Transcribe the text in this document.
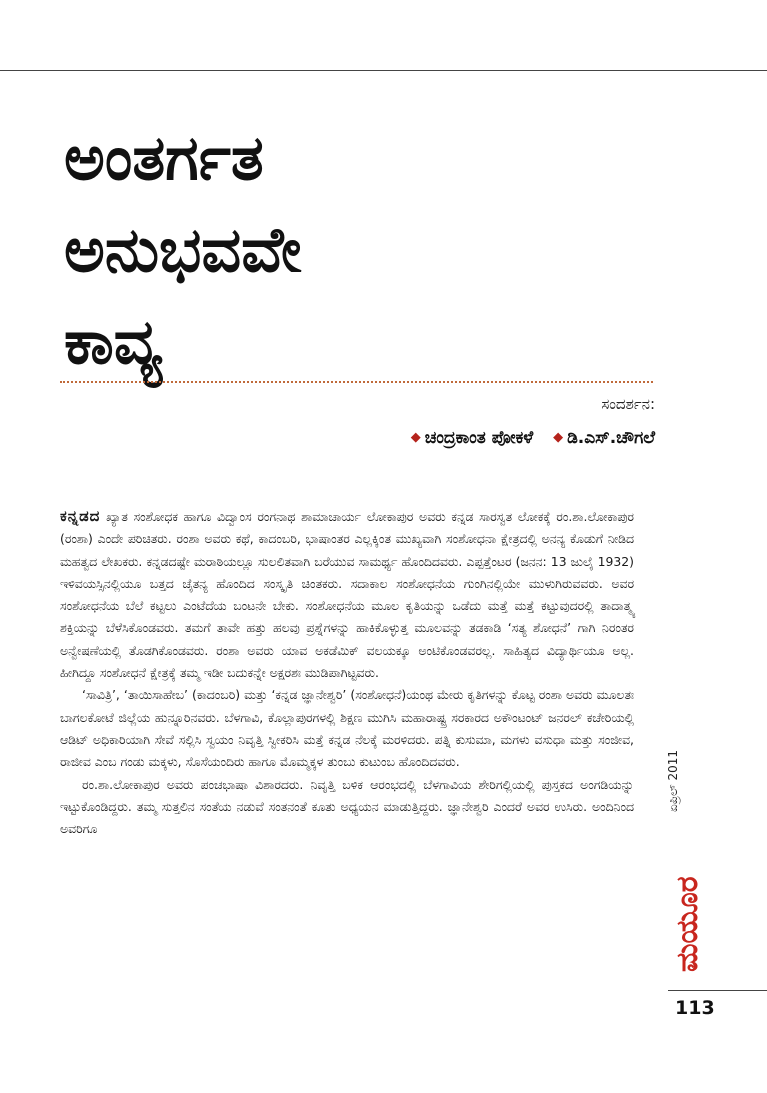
ಅಂತರ್ಗತ
ಅನುಭವವೇ
ಕಾವ್ಯ
ಸಂದರ್ಶನ:
◆ ಚಂದ್ರಕಾಂತ ಪೋಕಳೆ ◆ ಡಿ.ಎಸ್.ಚೌಗಲೆ

ಕನ್ನಡದ ಖ್ಯಾತ ಸಂಶೋಧಕ ಹಾಗೂ ವಿದ್ವಾಂಸ ರಂಗನಾಥ ಶಾಮಾಚಾರ್ಯ ಲೋಕಾಪುರ ಅವರು ಕನ್ನಡ ಸಾರಸ್ವತ ಲೋಕಕ್ಕೆ ರಂ.ಶಾ.ಲೋಕಾಪುರ (ರಂಶಾ) ಎಂದೇ ಪರಿಚಿತರು. ರಂಶಾ ಅವರು ಕಥೆ, ಕಾದಂಬರಿ, ಭಾಷಾಂತರ ಎಲ್ಲಕ್ಕಿಂತ ಮುಖ್ಯವಾಗಿ ಸಂಶೋಧನಾ ಕ್ಷೇತ್ರದಲ್ಲಿ ಅನನ್ಯ ಕೊಡುಗೆ ನೀಡಿದ ಮಹತ್ವದ ಲೇಖಕರು. ಕನ್ನಡದಷ್ಟೇ ಮರಾಠಿಯಲ್ಲೂ ಸುಲಲಿತವಾಗಿ ಬರೆಯುವ ಸಾಮರ್ಥ್ಯ ಹೊಂದಿದವರು. ಎಪ್ಪತ್ತೆಂಟರ (ಜನನ: 13 ಜುಲೈ 1932) ಇಳಿವಯಸ್ಸಿನಲ್ಲಿಯೂ ಬತ್ತದ ಚೈತನ್ಯ ಹೊಂದಿದ ಸಂಸ್ಕೃತಿ ಚಿಂತಕರು. ಸದಾಕಾಲ ಸಂಶೋಧನೆಯ ಗುಂಗಿನಲ್ಲಿಯೇ ಮುಳುಗಿರುವವರು. ಅವರ ಸಂಶೋಧನೆಯ ಬೆಲೆ ಕಟ್ಟಲು ಎಂಟೆದೆಯ ಬಂಟನೇ ಬೇಕು. ಸಂಶೋಧನೆಯ ಮೂಲ ಕೃತಿಯನ್ನು ಒಡೆದು ಮತ್ತೆ ಮತ್ತೆ ಕಟ್ಟುವುದರಲ್ಲಿ ತಾದಾತ್ಮ್ಯ ಶಕ್ತಿಯನ್ನು ಬೆಳೆಸಿಕೊಂಡವರು. ತಮಗೆ ತಾವೇ ಹತ್ತು ಹಲವು ಪ್ರಶ್ನೆಗಳನ್ನು ಹಾಕಿಕೊಳ್ಳುತ್ತ ಮೂಲವನ್ನು ತಡಕಾಡಿ ‘ಸತ್ಯ ಶೋಧನೆ’ ಗಾಗಿ ನಿರಂತರ ಅನ್ವೇಷಣೆಯಲ್ಲಿ ತೊಡಗಿಕೊಂಡವರು. ರಂಶಾ ಅವರು ಯಾವ ಅಕಡೆಮಿಕ್ ವಲಯಕ್ಕೂ ಅಂಟಿಕೊಂಡವರಲ್ಲ. ಸಾಹಿತ್ಯದ ವಿದ್ಯಾರ್ಥಿಯೂ ಅಲ್ಲ. ಹೀಗಿದ್ದೂ ಸಂಶೋಧನೆ ಕ್ಷೇತ್ರಕ್ಕೆ ತಮ್ಮ ಇಡೀ ಬದುಕನ್ನೇ ಅಕ್ಷರಶಃ ಮುಡಿಪಾಗಿಟ್ಟವರು.

‘ಸಾವಿತ್ರಿ’, ‘ತಾಯಿಸಾಹೇಬ’ (ಕಾದಂಬರಿ) ಮತ್ತು ‘ಕನ್ನಡ ಜ್ಞಾನೇಶ್ವರಿ’ (ಸಂಶೋಧನೆ)ಯಂಥ ಮೇರು ಕೃತಿಗಳನ್ನು ಕೊಟ್ಟ ರಂಶಾ ಅವರು ಮೂಲತಃ ಬಾಗಲಕೋಟೆ ಜಿಲ್ಲೆಯ ಹುನ್ನೂರಿನವರು. ಬೆಳಗಾವಿ, ಕೊಲ್ಲಾಪುರಗಳಲ್ಲಿ ಶಿಕ್ಷಣ ಮುಗಿಸಿ ಮಹಾರಾಷ್ಟ್ರ ಸರಕಾರದ ಅಕೌಂಟಂಟ್ ಜನರಲ್ ಕಚೇರಿಯಲ್ಲಿ ಆಡಿಟ್ ಅಧಿಕಾರಿಯಾಗಿ ಸೇವೆ ಸಲ್ಲಿಸಿ ಸ್ವಯಂ ನಿವೃತ್ತಿ ಸ್ವೀಕರಿಸಿ ಮತ್ತೆ ಕನ್ನಡ ನೆಲಕ್ಕೆ ಮರಳಿದರು. ಪತ್ನಿ ಕುಸುಮಾ, ಮಗಳು ವಸುಧಾ ಮತ್ತು ಸಂಜೀವ, ರಾಜೀವ ಎಂಬ ಗಂಡು ಮಕ್ಕಳು, ಸೊಸೆಯಂದಿರು ಹಾಗೂ ಮೊಮ್ಮಕ್ಕಳ ತುಂಬು ಕುಟುಂಬ ಹೊಂದಿದವರು.

ರಂ.ಶಾ.ಲೋಕಾಪುರ ಅವರು ಪಂಚಭಾಷಾ ವಿಶಾರದರು. ನಿವೃತ್ತಿ ಬಳಿಕ ಆರಂಭದಲ್ಲಿ ಬೆಳಗಾವಿಯ ಶೇರಿಗಲ್ಲಿಯಲ್ಲಿ ಪುಸ್ತಕದ ಅಂಗಡಿಯನ್ನು ಇಟ್ಟುಕೊಂಡಿದ್ದರು. ತಮ್ಮ ಸುತ್ತಲಿನ ಸಂತೆಯ ನಡುವೆ ಸಂತನಂತೆ ಕೂತು ಅಧ್ಯಯನ ಮಾಡುತ್ತಿದ್ದರು. ಜ್ಞಾನೇಶ್ವರಿ ಎಂದರೆ ಅವರ ಉಸಿರು. ಅಂದಿನಿಂದ ಅವರಿಗೂ

ಏಪ್ರಿಲ್ 2011
ಮಯೂರ
113
